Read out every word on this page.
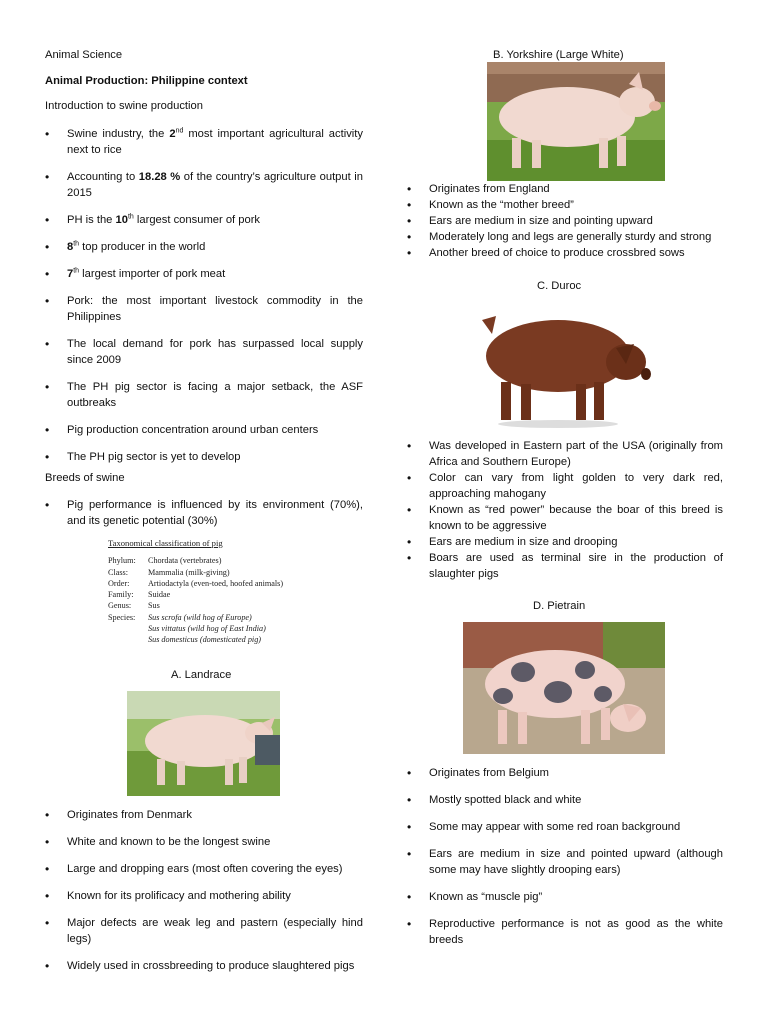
Animal Science
Animal Production: Philippine context
Introduction to swine production
• Swine industry, the 2nd most important agricultural activity next to rice
• Accounting to 18.28 % of the country’s agriculture output in 2015
• PH is the 10th largest consumer of pork
• 8th top producer in the world
• 7th largest importer of pork meat
• Pork: the most important livestock commodity in the Philippines
• The local demand for pork has surpassed local supply since 2009
• The PH pig sector is facing a major setback, the ASF outbreaks
• Pig production concentration around urban centers
• The PH pig sector is yet to develop
Breeds of swine
• Pig performance is influenced by its environment (70%), and its genetic potential (30%)
Taxonomical classification of pig
Phylum:	Chordata (vertebrates)
Class:	Mammalia (milk-giving)
Order:	Artiodactyla (even-toed, hoofed animals)
Family:	Suidae
Genus:	Sus
Species:	Sus scrofa (wild hog of Europe)
Sus vittatus (wild hog of East India)
Sus domesticus (domesticated pig)
A. Landrace
• Originates from Denmark
• White and known to be the longest swine
• Large and dropping ears (most often covering the eyes)
• Known for its prolificacy and mothering ability
• Major defects are weak leg and pastern (especially hind legs)
• Widely used in crossbreeding to produce slaughtered pigs
B. Yorkshire (Large White)
• Originates from England
• Known as the “mother breed”
• Ears are medium in size and pointing upward
• Moderately long and legs are generally sturdy and strong
• Another breed of choice to produce crossbred sows
C. Duroc
• Was developed in Eastern part of the USA (originally from Africa and Southern Europe)
• Color can vary from light golden to very dark red, approaching mahogany
• Known as “red power” because the boar of this breed is known to be aggressive
• Ears are medium in size and drooping
• Boars are used as terminal sire in the production of slaughter pigs
D. Pietrain
• Originates from Belgium
• Mostly spotted black and white
• Some may appear with some red roan background
• Ears are medium in size and pointed upward (although some may have slightly drooping ears)
• Known as “muscle pig”
• Reproductive performance is not as good as the white breeds
